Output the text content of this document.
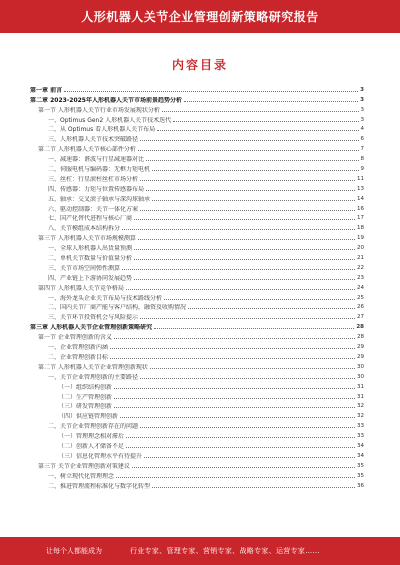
人形机器人关节企业管理创新策略研究报告
内容目录
第一章 前言	3
第二章 2023-2025年人形机器人关节市场前景趋势分析	3
第一节 人形机器人关节行业市场发展现状分析	3
一、Optimus Gen2 人形机器人关节技术迭代	3
二、从 Optimus 看人形机器人关节布局	4
三、人形机器人关节技术突破路径	6
第二节 人形机器人关节核心部件分析	7
一、减速器：谐波与行星减速器对比	8
二、伺服电机与编码器：无框力矩电机	9
三、丝杠：行星滚柱丝杠市场分析	11
四、传感器：力矩与位置传感器布局	13
五、轴承：交叉滚子轴承与深沟球轴承	14
六、驱动控制器：关节一体化方案	16
七、国产化替代进程与核心厂商	17
八、关节模组成本结构拆分	18
第三节 人形机器人关节市场规模测算	19
一、全球人形机器人出货量预测	20
二、单机关节数量与价值量分析	21
三、关节市场空间弹性测算	22
四、产业链上下游协同发展趋势	23
第四节 人形机器人关节竞争格局	24
一、海外龙头企业关节布局与技术路线分析	25
二、国内关节厂商产能与客户结构，融资及收购情况	26
三、关节环节投资机会与风险提示	27
第三章 人形机器人关节企业管理创新策略研究	28
第一节 企业管理创新的含义	28
一、企业管理创新内涵	29
二、企业管理创新目标	29
第二节 人形机器人关节企业管理创新现状	30
一、关节企业管理创新的主要路径	30
（一）组织结构创新	31
（二）生产管理创新	31
（三）研发管理创新	32
（四）供应链管理创新	32
二、关节企业管理创新存在的问题	33
（一）管理理念相对滞后	33
（二）创新人才储备不足	34
（三）信息化管理水平有待提升	34
第三节 关节企业管理创新对策建议	35
一、树立现代化管理理念	35
二、推进管理流程标准化与数字化转型	36
让每个人都能成为	行业专家、管理专家、营销专家、战略专家、运营专家……
